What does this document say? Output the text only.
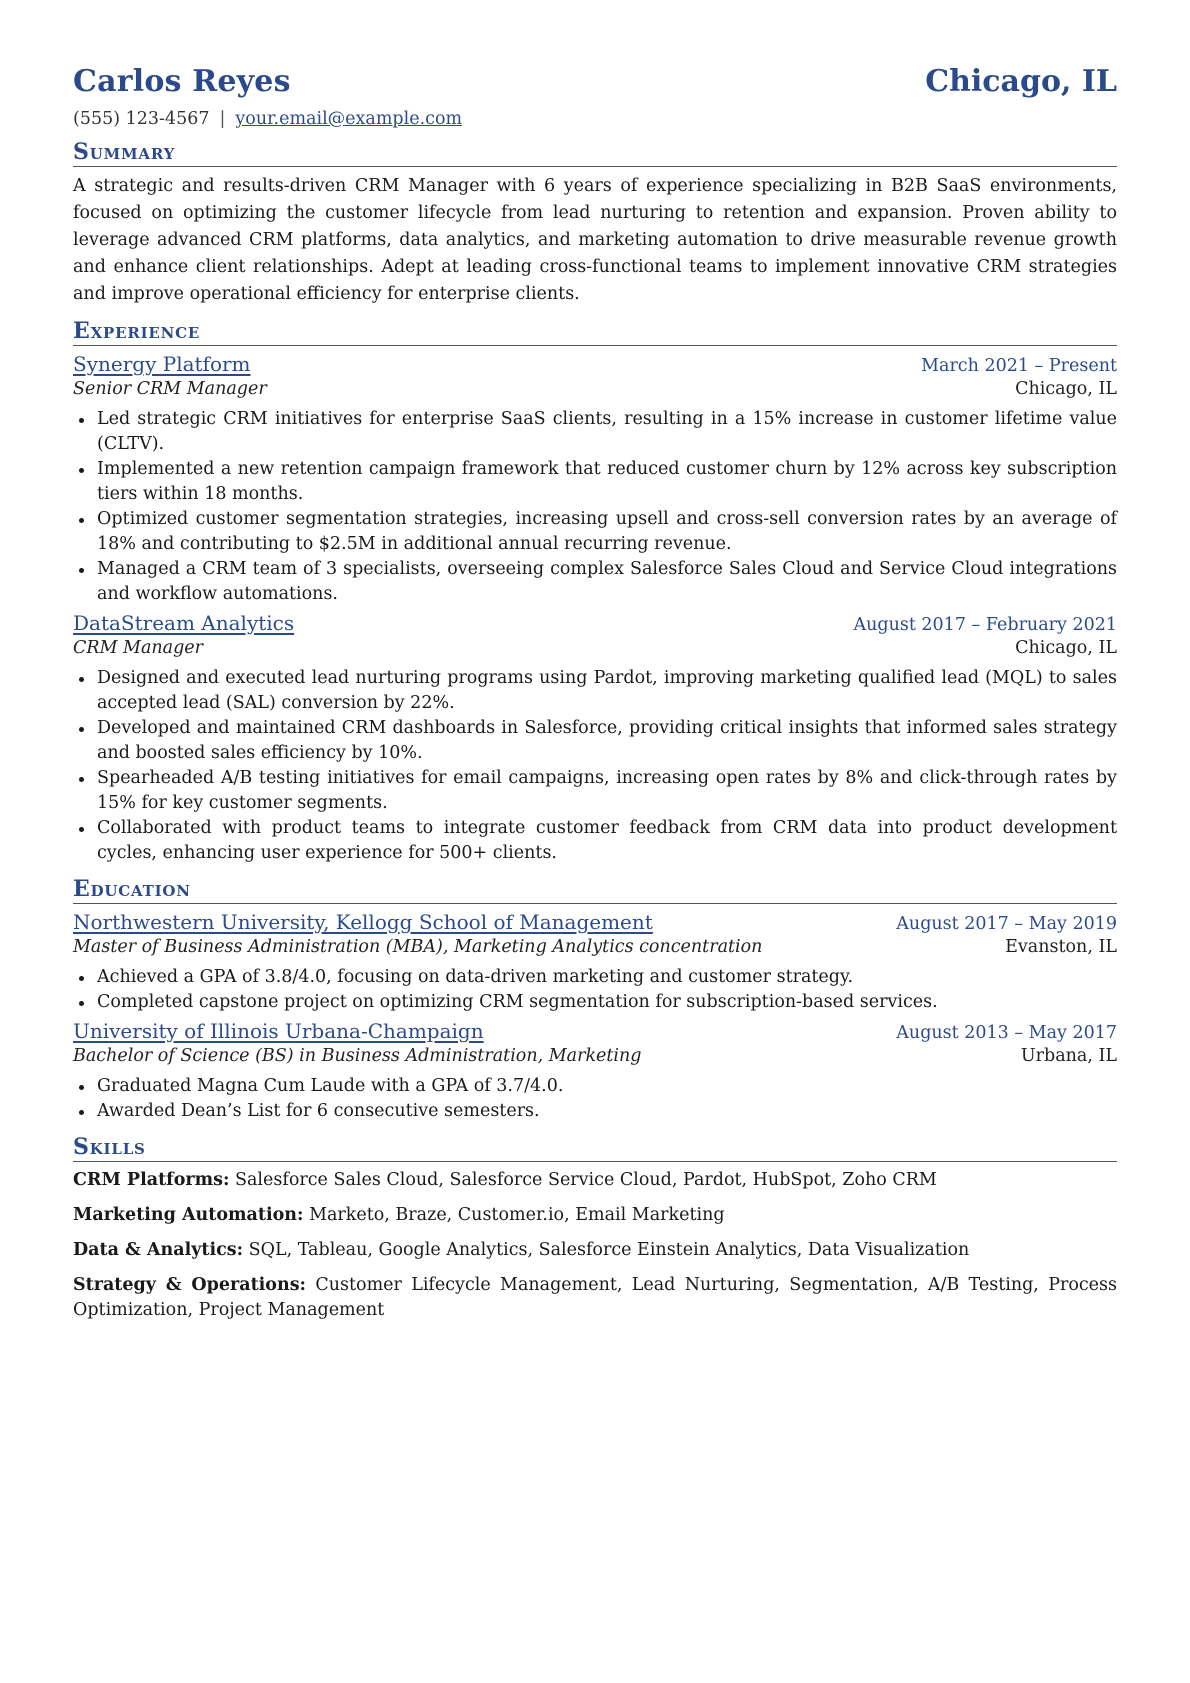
Carlos Reyes	Chicago, IL
(555) 123-4567 | your.email@example.com
Summary

A strategic and results-driven CRM Manager with 6 years of experience specializing in B2B SaaS environments, focused on optimizing the customer lifecycle from lead nurturing to retention and expansion. Proven ability to leverage advanced CRM platforms, data analytics, and marketing automation to drive measurable revenue growth and enhance client relationships. Adept at leading cross-functional teams to implement innovative CRM strategies and improve operational efficiency for enterprise clients.

Experience
Synergy Platform	March 2021 – Present
Senior CRM Manager	Chicago, IL
Led strategic CRM initiatives for enterprise SaaS clients, resulting in a 15% increase in customer lifetime value (CLTV).
Implemented a new retention campaign framework that reduced customer churn by 12% across key subscription tiers within 18 months.
Optimized customer segmentation strategies, increasing upsell and cross-sell conversion rates by an average of 18% and contributing to $2.5M in additional annual recurring revenue.
Managed a CRM team of 3 specialists, overseeing complex Salesforce Sales Cloud and Service Cloud integrations and workflow automations.
DataStream Analytics	August 2017 – February 2021
CRM Manager	Chicago, IL
Designed and executed lead nurturing programs using Pardot, improving marketing qualified lead (MQL) to sales accepted lead (SAL) conversion by 22%.
Developed and maintained CRM dashboards in Salesforce, providing critical insights that informed sales strategy and boosted sales efficiency by 10%.
Spearheaded A/B testing initiatives for email campaigns, increasing open rates by 8% and click-through rates by 15% for key customer segments.
Collaborated with product teams to integrate customer feedback from CRM data into product development cycles, enhancing user experience for 500+ clients.
Education
Northwestern University, Kellogg School of Management	August 2017 – May 2019
Master of Business Administration (MBA), Marketing Analytics concentration	Evanston, IL
Achieved a GPA of 3.8/4.0, focusing on data-driven marketing and customer strategy.
Completed capstone project on optimizing CRM segmentation for subscription-based services.
University of Illinois Urbana-Champaign	August 2013 – May 2017
Bachelor of Science (BS) in Business Administration, Marketing	Urbana, IL
Graduated Magna Cum Laude with a GPA of 3.7/4.0.
Awarded Dean’s List for 6 consecutive semesters.
Skills

CRM Platforms: Salesforce Sales Cloud, Salesforce Service Cloud, Pardot, HubSpot, Zoho CRM

Marketing Automation: Marketo, Braze, Customer.io, Email Marketing

Data & Analytics: SQL, Tableau, Google Analytics, Salesforce Einstein Analytics, Data Visualization

Strategy & Operations: Customer Lifecycle Management, Lead Nurturing, Segmentation, A/B Testing, Process Optimization, Project Management
